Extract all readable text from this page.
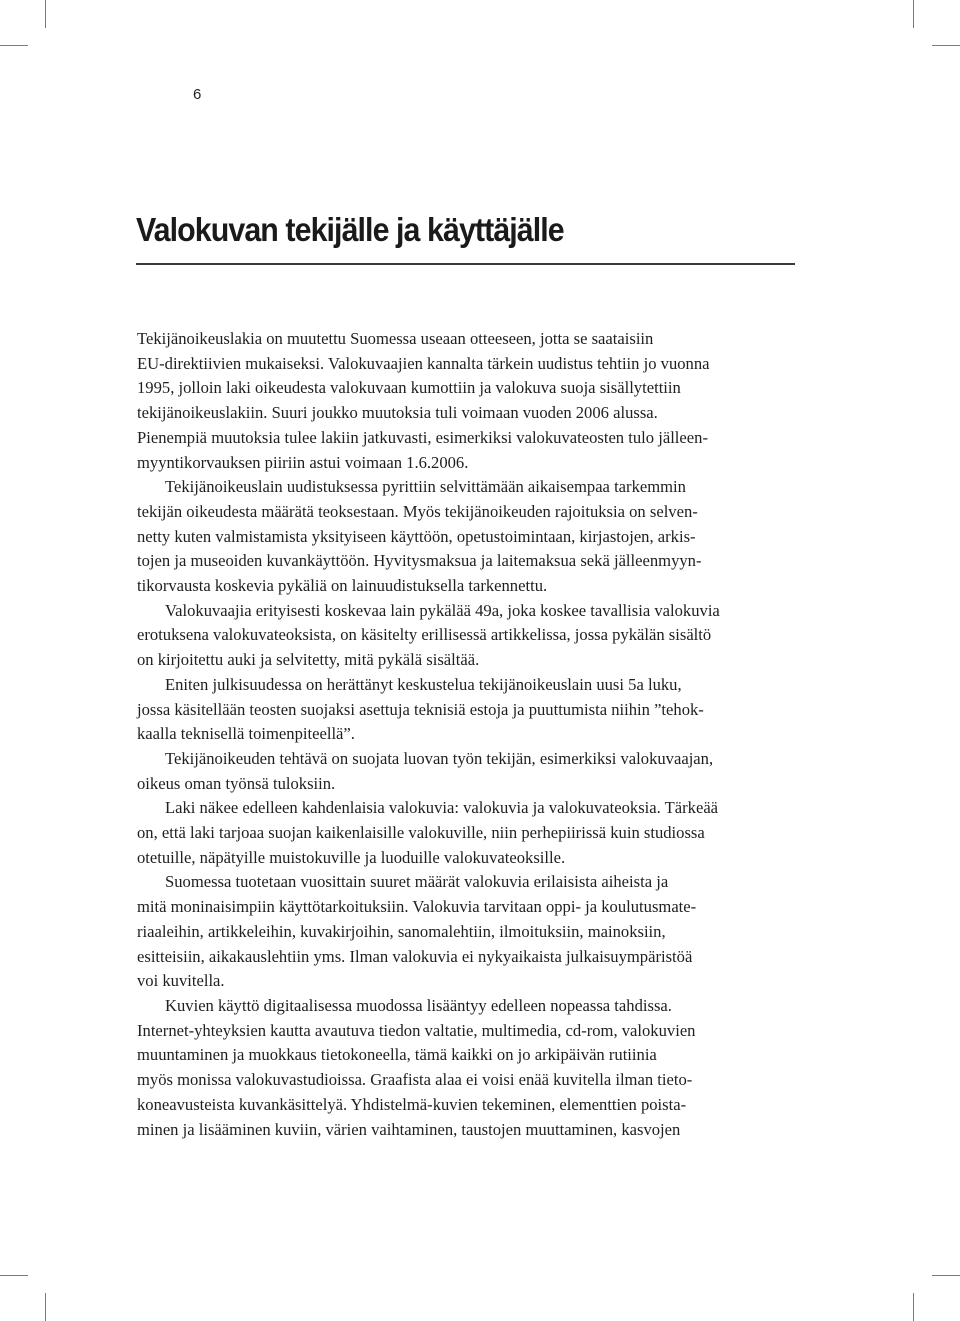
6
Valokuvan tekijälle ja käyttäjälle
Tekijänoikeuslakia on muutettu Suomessa useaan otteeseen, jotta se saataisiin
EU-direktiivien mukaiseksi. Valokuvaajien kannalta tärkein uudistus tehtiin jo vuonna
1995, jolloin laki oikeudesta valokuvaan kumottiin ja valokuva suoja sisällytettiin
tekijänoikeuslakiin. Suuri joukko muutoksia tuli voimaan vuoden 2006 alussa.
Pienempiä muutoksia tulee lakiin jatkuvasti, esimerkiksi valokuvateosten tulo jälleen-
myyntikorvauksen piiriin astui voimaan 1.6.2006.
Tekijänoikeuslain uudistuksessa pyrittiin selvittämään aikaisempaa tarkemmin
tekijän oikeudesta määrätä teoksestaan. Myös tekijänoikeuden rajoituksia on selven-
netty kuten valmistamista yksityiseen käyttöön, opetustoimintaan, kirjastojen, arkis-
tojen ja museoiden kuvankäyttöön. Hyvitysmaksua ja laitemaksua sekä jälleenmyyn-
tikorvausta koskevia pykäliä on lainuudistuksella tarkennettu.
Valokuvaajia erityisesti koskevaa lain pykälää 49a, joka koskee tavallisia valokuvia
erotuksena valokuvateoksista, on käsitelty erillisessä artikkelissa, jossa pykälän sisältö
on kirjoitettu auki ja selvitetty, mitä pykälä sisältää.
Eniten julkisuudessa on herättänyt keskustelua tekijänoikeuslain uusi 5a luku,
jossa käsitellään teosten suojaksi asettuja teknisiä estoja ja puuttumista niihin ”tehok-
kaalla teknisellä toimenpiteellä”.
Tekijänoikeuden tehtävä on suojata luovan työn tekijän, esimerkiksi valokuvaajan,
oikeus oman työnsä tuloksiin.
Laki näkee edelleen kahdenlaisia valokuvia: valokuvia ja valokuvateoksia. Tärkeää
on, että laki tarjoaa suojan kaikenlaisille valokuville, niin perhepiirissä kuin studiossa
otetuille, näpätyille muistokuville ja luoduille valokuvateoksille.
Suomessa tuotetaan vuosittain suuret määrät valokuvia erilaisista aiheista ja
mitä moninaisimpiin käyttötarkoituksiin. Valokuvia tarvitaan oppi- ja koulutusmate-
riaaleihin, artikkeleihin, kuvakirjoihin, sanomalehtiin, ilmoituksiin, mainoksiin,
esitteisiin, aikakauslehtiin yms. Ilman valokuvia ei nykyaikaista julkaisuympäristöä
voi kuvitella.
Kuvien käyttö digitaalisessa muodossa lisääntyy edelleen nopeassa tahdissa.
Internet-yhteyksien kautta avautuva tiedon valtatie, multimedia, cd-rom, valokuvien
muuntaminen ja muokkaus tietokoneella, tämä kaikki on jo arkipäivän rutiinia
myös monissa valokuvastudioissa. Graafista alaa ei voisi enää kuvitella ilman tieto-
koneavusteista kuvankäsittelyä. Yhdistelmä-kuvien tekeminen, elementtien poista-
minen ja lisääminen kuviin, värien vaihtaminen, taustojen muuttaminen, kasvojen
